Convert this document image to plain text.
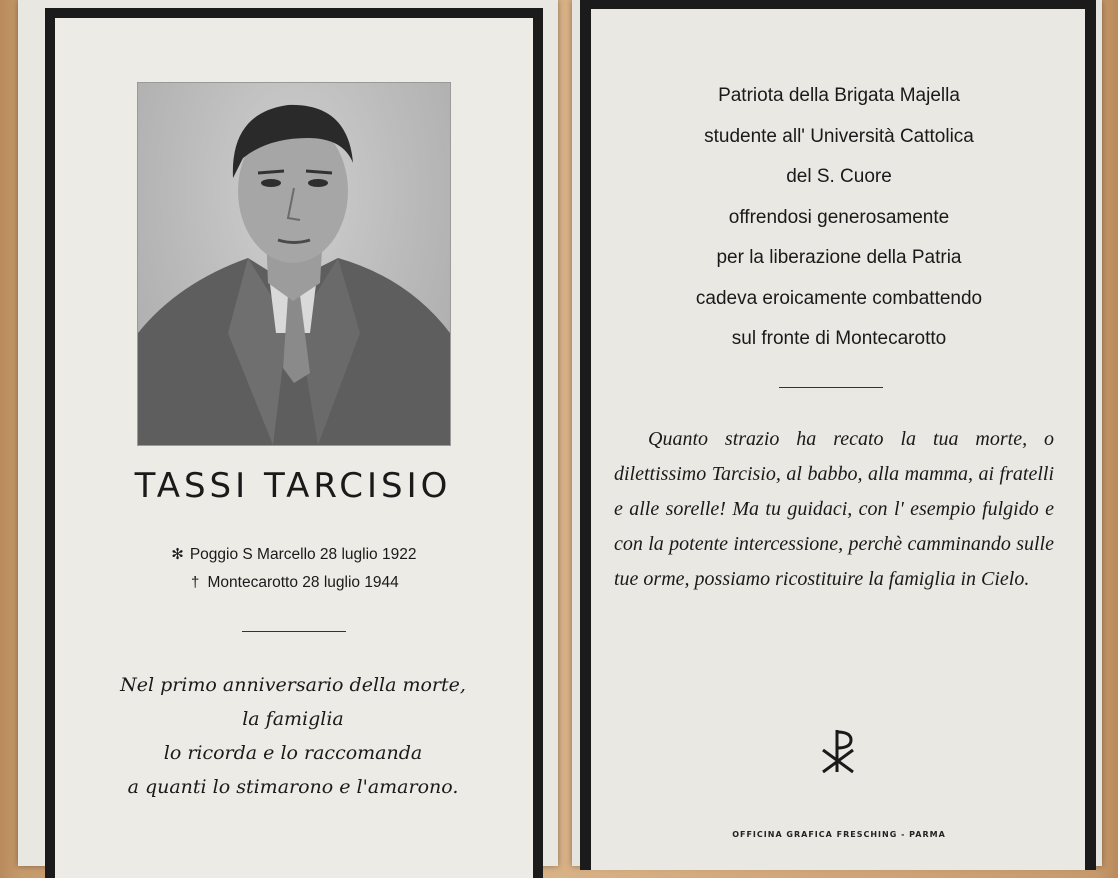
TASSI TARCISIO
✻ Poggio S Marcello 28 luglio 1922
† Montecarotto 28 luglio 1944
Nel primo anniversario della morte,
la famiglia
lo ricorda e lo raccomanda
a quanti lo stimarono e l'amarono.
Patriota della Brigata Majella
studente all' Università Cattolica
del S. Cuore
offrendosi generosamente
per la liberazione della Patria
cadeva eroicamente combattendo
sul fronte di Montecarotto

Quanto strazio ha recato la tua morte, o dilettissimo Tarcisio, al babbo, alla mamma, ai fratelli e alle sorelle! Ma tu guidaci, con l' esempio fulgido e con la potente intercessione, perchè camminando sulle tue orme, possiamo ricostituire la famiglia in Cielo.

OFFICINA GRAFICA FRESCHING - PARMA
